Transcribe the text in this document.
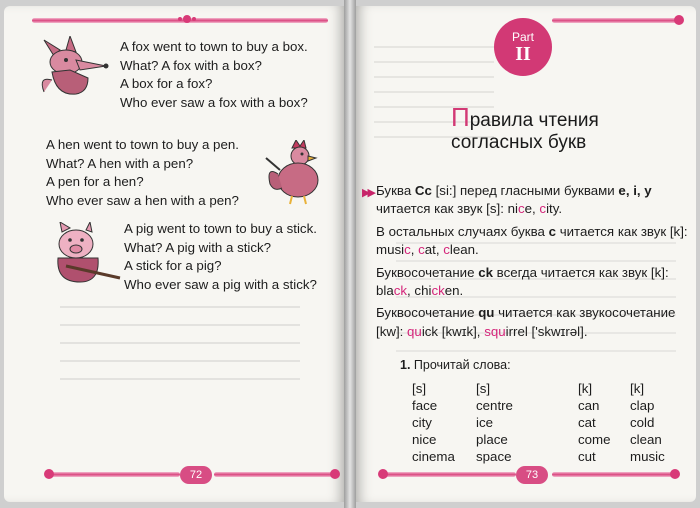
A fox went to town to buy a box.
What? A fox with a box?
A box for a fox?
Who ever saw a fox with a box?
A hen went to town to buy a pen.
What? A hen with a pen?
A pen for a hen?
Who ever saw a hen with a pen?
A pig went to town to buy a stick.
What? A pig with a stick?
A stick for a pig?
Who ever saw a pig with a stick?
72
Part
II
Правила чтения
согласных букв

▶▶ Буква Cc [si:] перед гласными буквами e, i, y читается как звук [s]: nice, city.

В остальных случаях буква c читается как звук [k]: music, cat, clean.

Буквосочетание ck всегда читается как звук [k]: black, chicken.

Буквосочетание qu читается как звукосочетание [kw]: quick [kwɪk], squirrel ['skwɪrəl].

1. Прочитай слова:
[s]
face
city
nice
cinema
[s]
centre
ice
place
space
[k]
can
cat
come
cut
[k]
clap
cold
clean
music
73
